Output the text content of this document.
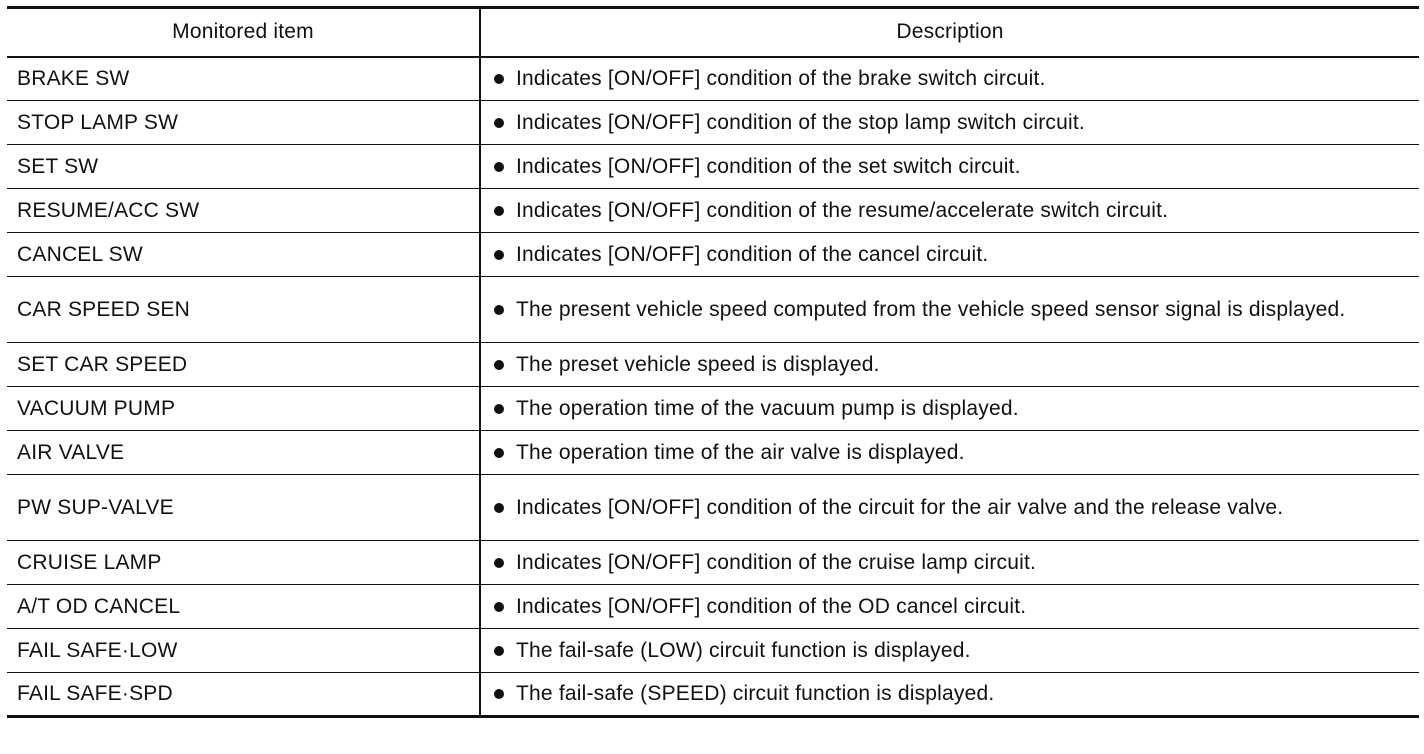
Monitored item	Description
BRAKE SW	Indicates [ON/OFF] condition of the brake switch circuit.

STOP LAMP SW	Indicates [ON/OFF] condition of the stop lamp switch circuit.

SET SW	Indicates [ON/OFF] condition of the set switch circuit.

RESUME/ACC SW	Indicates [ON/OFF] condition of the resume/accelerate switch circuit.

CANCEL SW	Indicates [ON/OFF] condition of the cancel circuit.

CAR SPEED SEN	The present vehicle speed computed from the vehicle speed sensor signal is displayed.

SET CAR SPEED	The preset vehicle speed is displayed.

VACUUM PUMP	The operation time of the vacuum pump is displayed.

AIR VALVE	The operation time of the air valve is displayed.

PW SUP-VALVE	Indicates [ON/OFF] condition of the circuit for the air valve and the release valve.

CRUISE LAMP	Indicates [ON/OFF] condition of the cruise lamp circuit.

A/T OD CANCEL	Indicates [ON/OFF] condition of the OD cancel circuit.

FAIL SAFE·LOW	The fail-safe (LOW) circuit function is displayed.

FAIL SAFE·SPD	The fail-safe (SPEED) circuit function is displayed.
